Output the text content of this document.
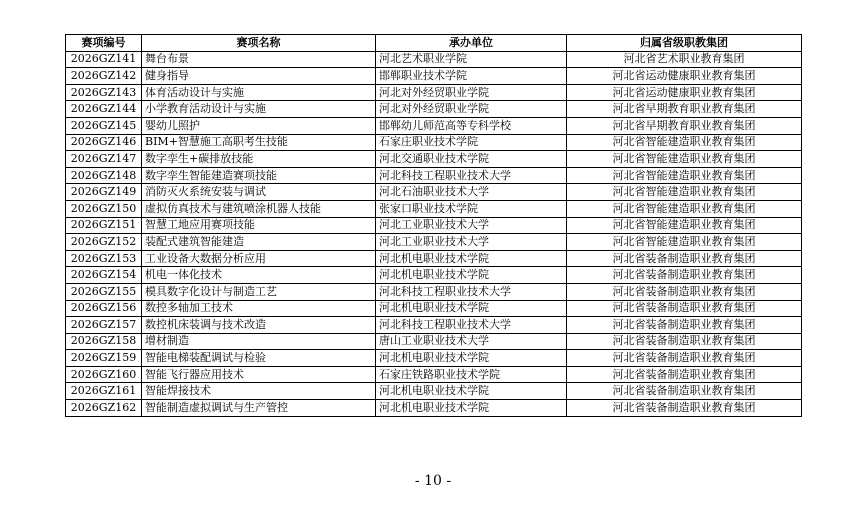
赛项编号	赛项名称	承办单位	归属省级职教集团
2026GZ141	舞台布景	河北艺术职业学院	河北省艺术职业教育集团
2026GZ142	健身指导	邯郸职业技术学院	河北省运动健康职业教育集团
2026GZ143	体育活动设计与实施	河北对外经贸职业学院	河北省运动健康职业教育集团
2026GZ144	小学教育活动设计与实施	河北对外经贸职业学院	河北省早期教育职业教育集团
2026GZ145	婴幼儿照护	邯郸幼儿师范高等专科学校	河北省早期教育职业教育集团
2026GZ146	BIM+智慧施工高职考生技能	石家庄职业技术学院	河北省智能建造职业教育集团
2026GZ147	数字孪生+碳排放技能	河北交通职业技术学院	河北省智能建造职业教育集团
2026GZ148	数字孪生智能建造赛项技能	河北科技工程职业技术大学	河北省智能建造职业教育集团
2026GZ149	消防灭火系统安装与调试	河北石油职业技术大学	河北省智能建造职业教育集团
2026GZ150	虚拟仿真技术与建筑喷涂机器人技能	张家口职业技术学院	河北省智能建造职业教育集团
2026GZ151	智慧工地应用赛项技能	河北工业职业技术大学	河北省智能建造职业教育集团
2026GZ152	装配式建筑智能建造	河北工业职业技术大学	河北省智能建造职业教育集团
2026GZ153	工业设备大数据分析应用	河北机电职业技术学院	河北省装备制造职业教育集团
2026GZ154	机电一体化技术	河北机电职业技术学院	河北省装备制造职业教育集团
2026GZ155	模具数字化设计与制造工艺	河北科技工程职业技术大学	河北省装备制造职业教育集团
2026GZ156	数控多轴加工技术	河北机电职业技术学院	河北省装备制造职业教育集团
2026GZ157	数控机床装调与技术改造	河北科技工程职业技术大学	河北省装备制造职业教育集团
2026GZ158	增材制造	唐山工业职业技术大学	河北省装备制造职业教育集团
2026GZ159	智能电梯装配调试与检验	河北机电职业技术学院	河北省装备制造职业教育集团
2026GZ160	智能飞行器应用技术	石家庄铁路职业技术学院	河北省装备制造职业教育集团
2026GZ161	智能焊接技术	河北机电职业技术学院	河北省装备制造职业教育集团
2026GZ162	智能制造虚拟调试与生产管控	河北机电职业技术学院	河北省装备制造职业教育集团
- 10 -
